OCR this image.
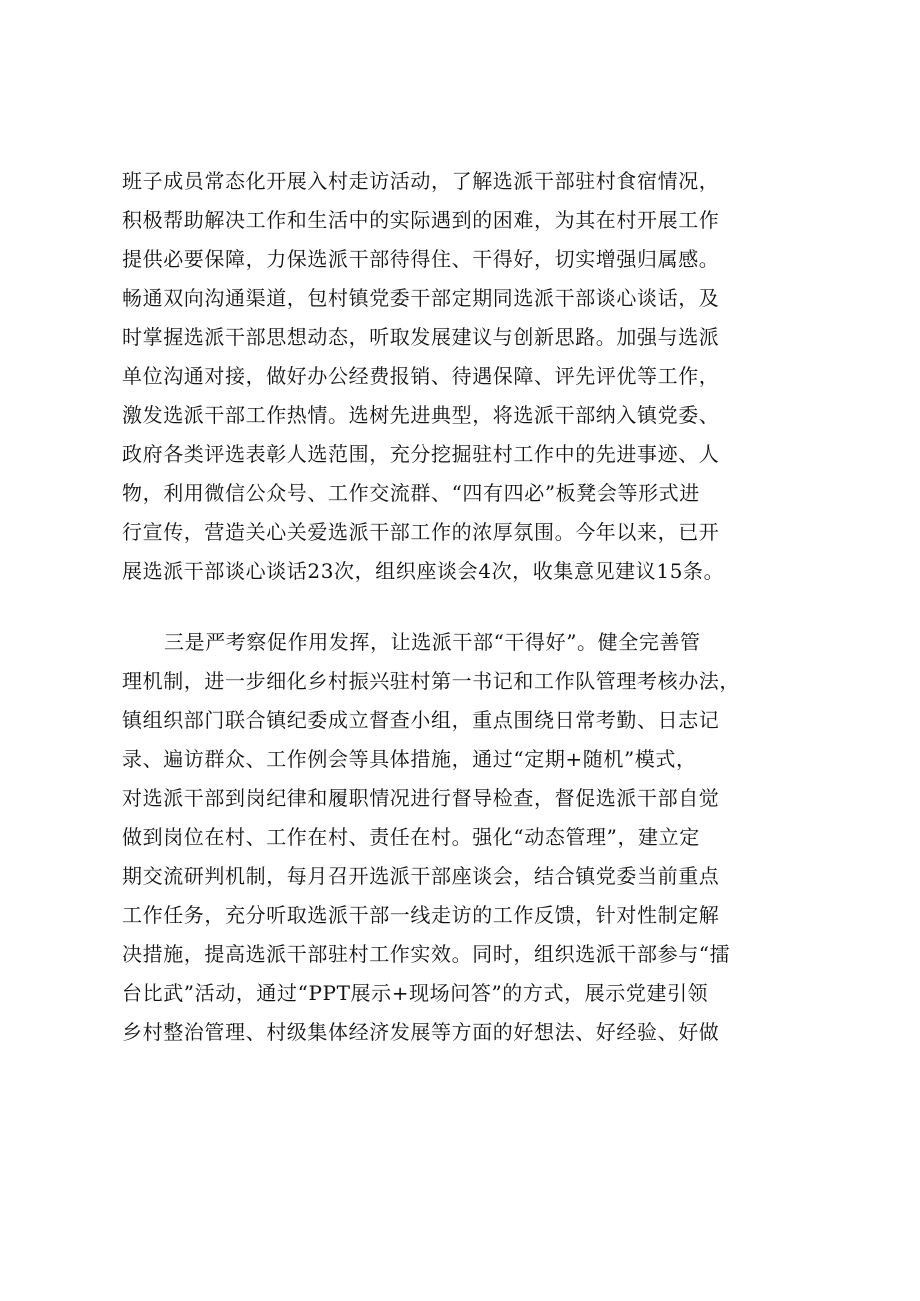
班子成员常态化开展入村走访活动，了解选派干部驻村食宿情况，
积极帮助解决工作和生活中的实际遇到的困难，为其在村开展工作
提供必要保障，力保选派干部待得住、干得好，切实增强归属感。
畅通双向沟通渠道，包村镇党委干部定期同选派干部谈心谈话，及
时掌握选派干部思想动态，听取发展建议与创新思路。加强与选派
单位沟通对接，做好办公经费报销、待遇保障、评先评优等工作，
激发选派干部工作热情。选树先进典型，将选派干部纳入镇党委、
政府各类评选表彰人选范围，充分挖掘驻村工作中的先进事迹、人
物，利用微信公众号、工作交流群、“四有四必”板凳会等形式进
行宣传，营造关心关爱选派干部工作的浓厚氛围。今年以来，已开
展选派干部谈心谈话23次，组织座谈会4次，收集意见建议15条。
三是严考察促作用发挥，让选派干部“干得好”。健全完善管
理机制，进一步细化乡村振兴驻村第一书记和工作队管理考核办法，
镇组织部门联合镇纪委成立督查小组，重点围绕日常考勤、日志记
录、遍访群众、工作例会等具体措施，通过“定期+随机”模式，
对选派干部到岗纪律和履职情况进行督导检查，督促选派干部自觉
做到岗位在村、工作在村、责任在村。强化“动态管理”，建立定
期交流研判机制，每月召开选派干部座谈会，结合镇党委当前重点
工作任务，充分听取选派干部一线走访的工作反馈，针对性制定解
决措施，提高选派干部驻村工作实效。同时，组织选派干部参与“擂
台比武”活动，通过“PPT展示+现场问答”的方式，展示党建引领
乡村整治管理、村级集体经济发展等方面的好想法、好经验、好做
